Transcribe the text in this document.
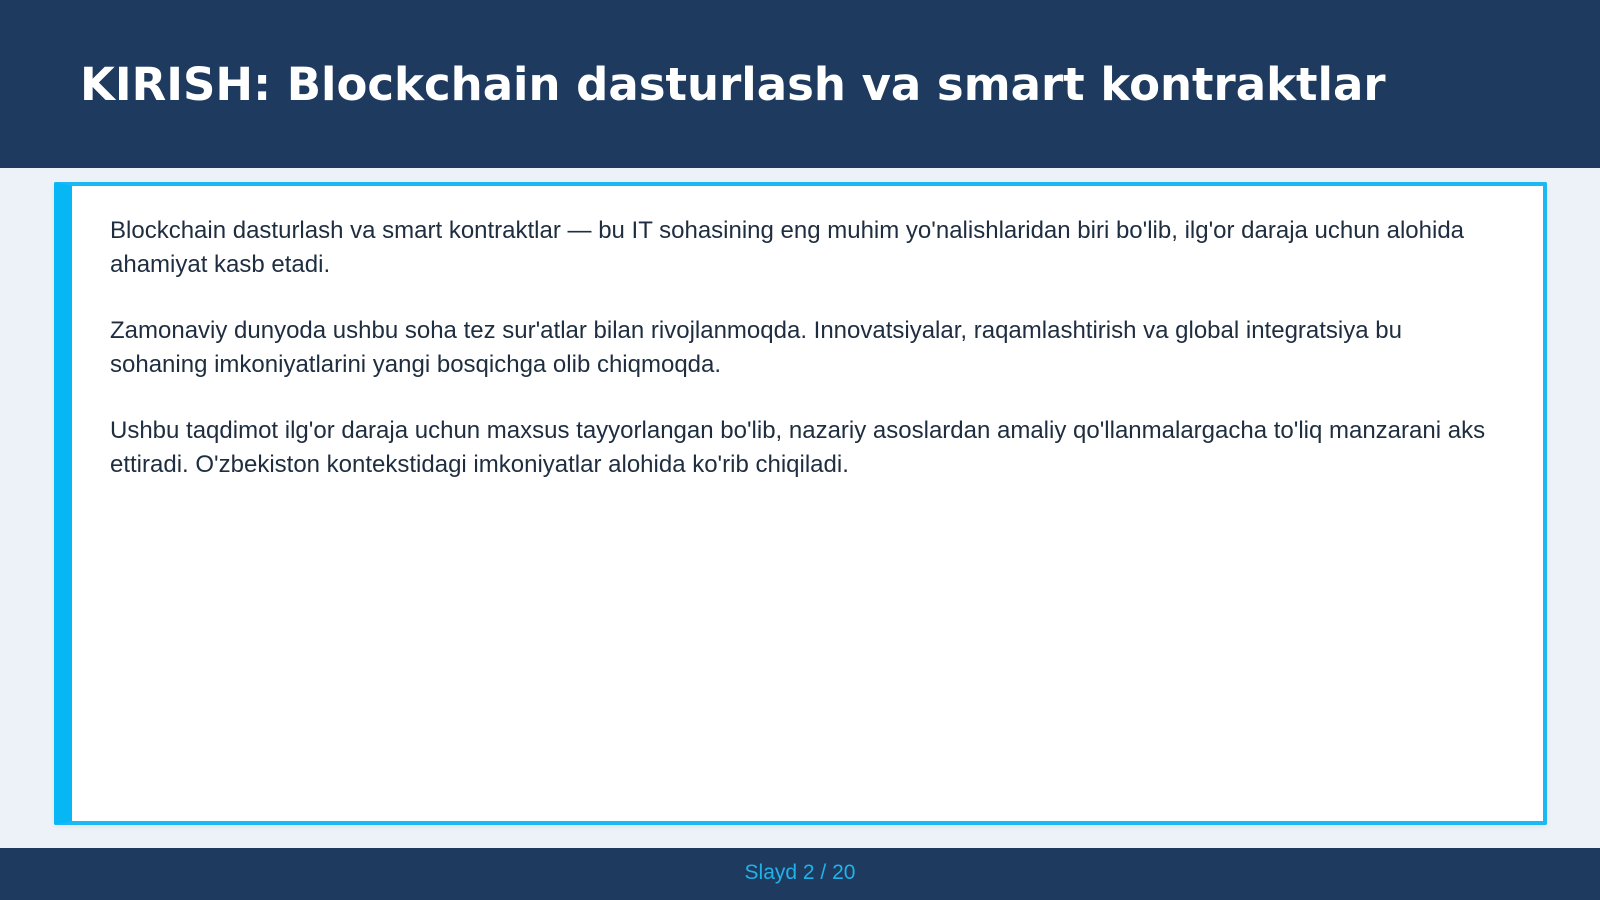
KIRISH: Blockchain dasturlash va smart kontraktlar

Blockchain dasturlash va smart kontraktlar — bu IT sohasining eng muhim yo'nalishlaridan biri bo'lib, ilg'or daraja uchun alohida ahamiyat kasb etadi.

Zamonaviy dunyoda ushbu soha tez sur'atlar bilan rivojlanmoqda. Innovatsiyalar, raqamlashtirish va global integratsiya bu sohaning imkoniyatlarini yangi bosqichga olib chiqmoqda.

Ushbu taqdimot ilg'or daraja uchun maxsus tayyorlangan bo'lib, nazariy asoslardan amaliy qo'llanmalargacha to'liq manzarani aks ettiradi. O'zbekiston kontekstidagi imkoniyatlar alohida ko'rib chiqiladi.

Slayd 2 / 20
